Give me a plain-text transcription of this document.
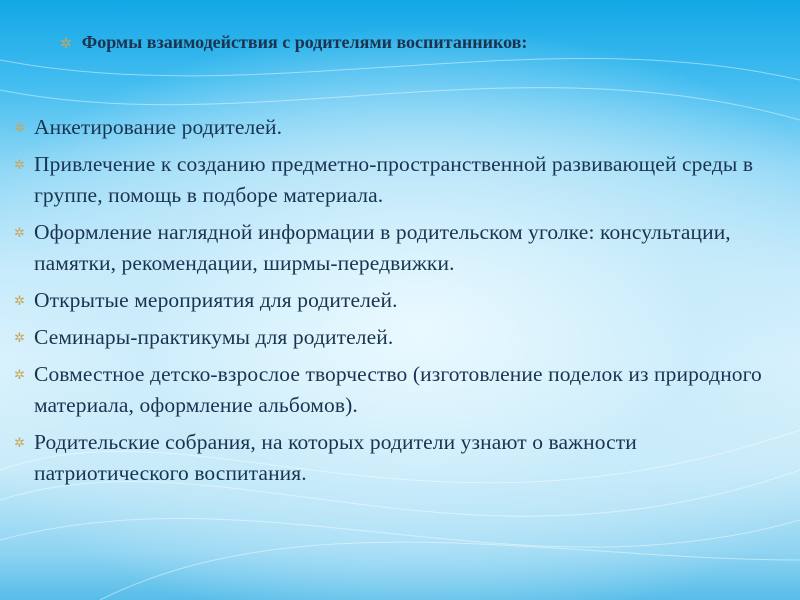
✲ Формы взаимодействия с родителями воспитанников:
✲ Анкетирование родителей.
✲ Привлечение к созданию предметно-пространственной развивающей среды в группе, помощь в подборе материала.
✲ Оформление наглядной информации в родительском уголке: консультации, памятки, рекомендации, ширмы-передвижки.
✲ Открытые мероприятия для родителей.
✲ Семинары-практикумы для родителей.
✲ Совместное детско-взрослое творчество (изготовление поделок из природного материала, оформление альбомов).
✲ Родительские собрания, на которых родители узнают о важности патриотического воспитания.
